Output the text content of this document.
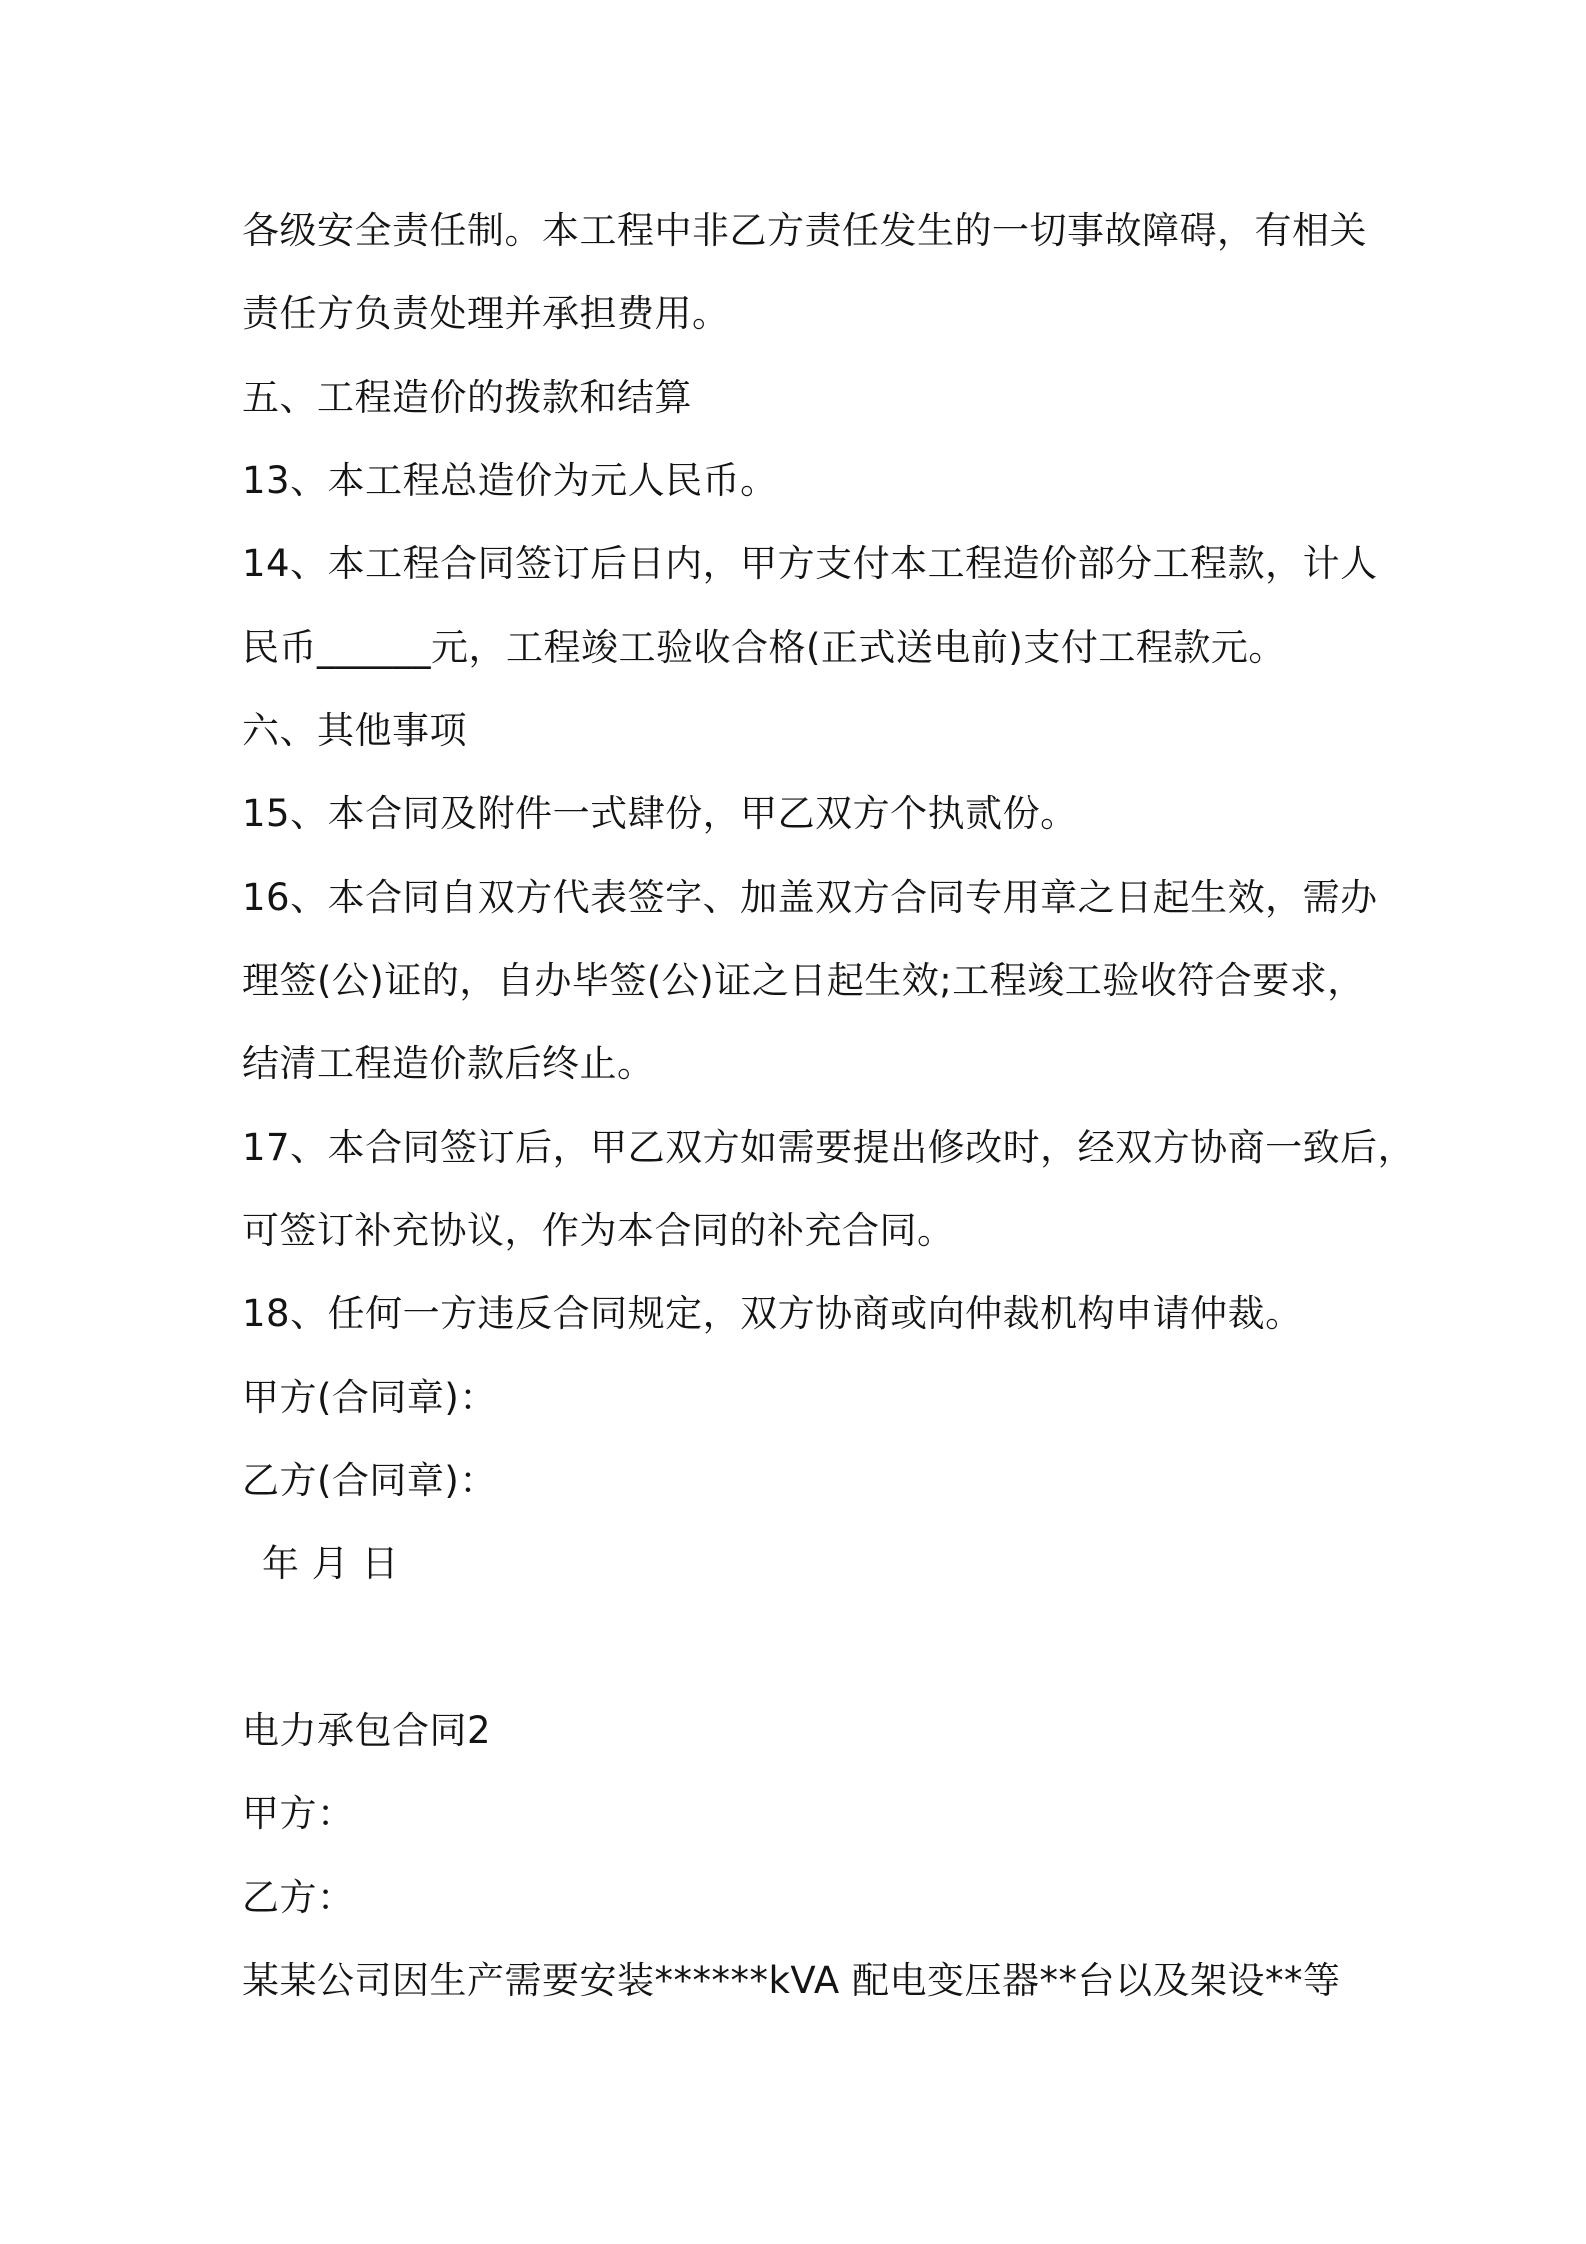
各级安全责任制。本工程中非乙方责任发生的一切事故障碍，有相关
责任方负责处理并承担费用。
五、工程造价的拨款和结算
13、本工程总造价为元人民币。
14、本工程合同签订后日内，甲方支付本工程造价部分工程款，计人
民币______元，工程竣工验收合格(正式送电前)支付工程款元。
六、其他事项
15、本合同及附件一式肆份，甲乙双方个执贰份。
16、本合同自双方代表签字、加盖双方合同专用章之日起生效，需办
理签(公)证的，自办毕签(公)证之日起生效;工程竣工验收符合要求，
结清工程造价款后终止。
17、本合同签订后，甲乙双方如需要提出修改时，经双方协商一致后，
可签订补充协议，作为本合同的补充合同。
18、任何一方违反合同规定，双方协商或向仲裁机构申请仲裁。
甲方(合同章)：
乙方(合同章)：
年 月 日
电力承包合同2
甲方：
乙方：
某某公司因生产需要安装******kVA 配电变压器**台以及架设**等
